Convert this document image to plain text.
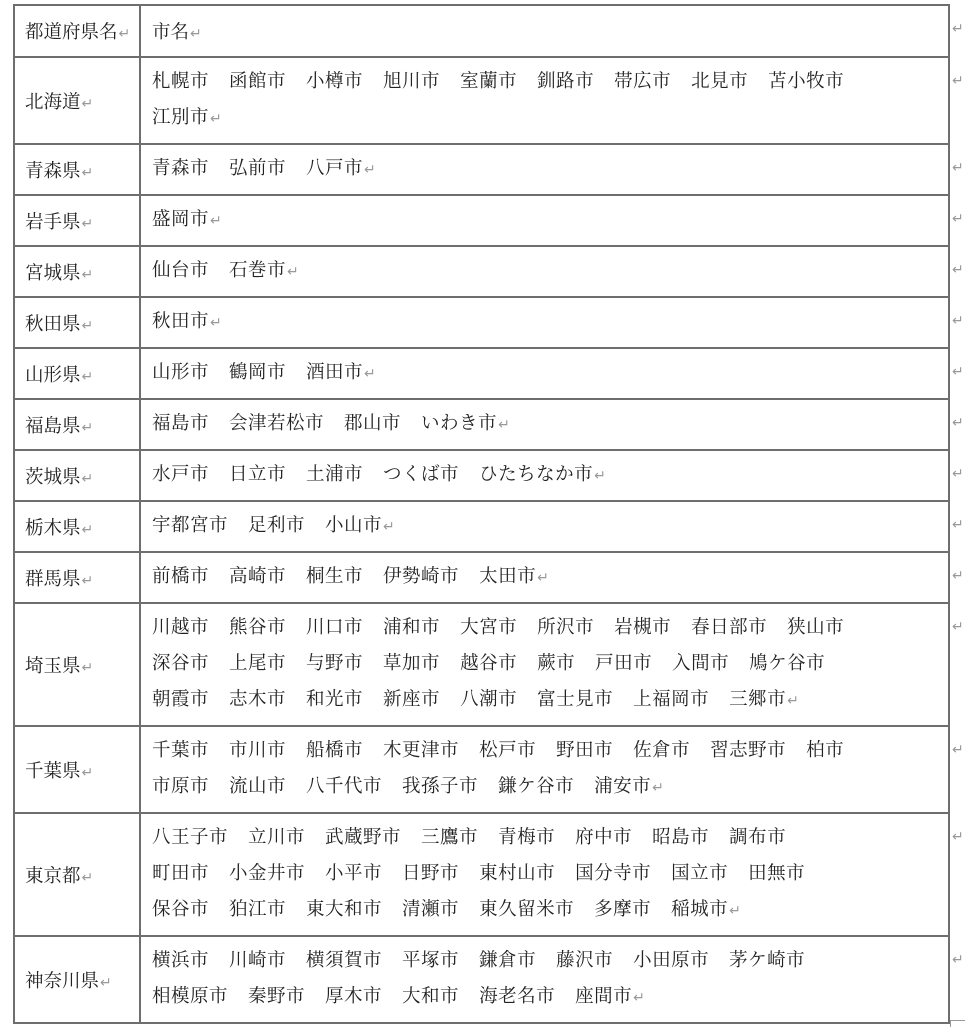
都道府県名↵	市名↵
北海道↵	札幌市 函館市 小樽市 旭川市 室蘭市 釧路市 帯広市 北見市 苫小牧市
江別市↵

青森県↵	青森市 弘前市 八戸市↵

岩手県↵	盛岡市↵

宮城県↵	仙台市 石巻市↵

秋田県↵	秋田市↵

山形県↵	山形市 鶴岡市 酒田市↵

福島県↵	福島市 会津若松市 郡山市 いわき市↵

茨城県↵	水戸市 日立市 土浦市 つくば市 ひたちなか市↵

栃木県↵	宇都宮市 足利市 小山市↵

群馬県↵	前橋市 高崎市 桐生市 伊勢崎市 太田市↵

埼玉県↵	川越市 熊谷市 川口市 浦和市 大宮市 所沢市 岩槻市 春日部市 狭山市
深谷市 上尾市 与野市 草加市 越谷市 蕨市 戸田市 入間市 鳩ケ谷市
朝霞市 志木市 和光市 新座市 八潮市 富士見市 上福岡市 三郷市↵

千葉県↵	千葉市 市川市 船橋市 木更津市 松戸市 野田市 佐倉市 習志野市 柏市
市原市 流山市 八千代市 我孫子市 鎌ケ谷市 浦安市↵

東京都↵	八王子市 立川市 武蔵野市 三鷹市 青梅市 府中市 昭島市 調布市
町田市 小金井市 小平市 日野市 東村山市 国分寺市 国立市 田無市
保谷市 狛江市 東大和市 清瀬市 東久留米市 多摩市 稲城市↵

神奈川県↵	横浜市 川崎市 横須賀市 平塚市 鎌倉市 藤沢市 小田原市 茅ケ崎市
相模原市 秦野市 厚木市 大和市 海老名市 座間市↵
↵
↵
↵
↵
↵
↵
↵
↵
↵
↵
↵
↵
↵
↵
↵
